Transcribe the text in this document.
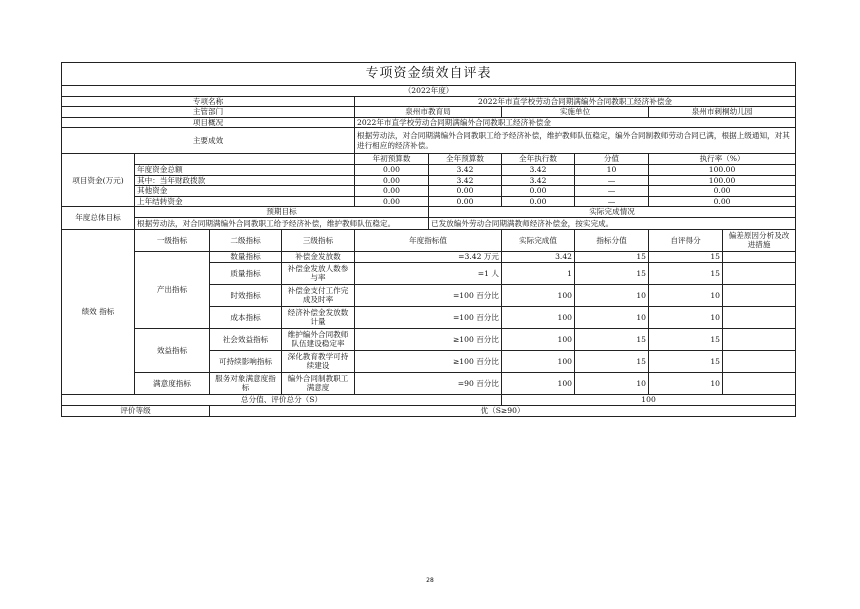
专项资金绩效自评表										
（2022年度）										
专项名称				2022年市直学校劳动合同期满编外合同教职工经济补偿金						
主管部门				泉州市教育局		实施单位		泉州市刺桐幼儿园		
项目概况				2022年市直学校劳动合同期满编外合同教职工经济补偿金						
主要成效				根据劳动法，对合同期满编外合同教职工给予经济补偿，维护教师队伍稳定，编外合同制教师劳动合同已满，根据上级通知，对其进行相应的经济补偿。						
项目资金(万元)				年初预算数	全年预算数	全年执行数	分值	执行率（%）	
	年度资金总额			0.00	3.42	3.42	10	100.00	
	其中：当年财政拨款			0.00	3.42	3.42	—	100.00		
	其他资金			0.00	0.00	0.00	—	0.00		
	上年结转资金			0.00	0.00	0.00	—	0.00		
年度总体目标	预期目标				实际完成情况					
	根据劳动法，对合同期满编外合同教职工给予经济补偿，维护教师队伍稳定。				已发放编外劳动合同期满教师经济补偿金，按实完成。					
绩效 指标	一级指标	二级指标	三级指标	年度指标值		实际完成值	指标分值	自评得分	偏差原因分析及改进措施	
	产出指标	数量指标	补偿金发放数	=3.42 万元		3.42	15	15		
		质量指标	补偿金发放人数参与率	=1 人		1	15	15		
		时效指标	补偿金支付工作完成及时率	=100 百分比		100	10	10		
		成本指标	经济补偿金发放数计量	=100 百分比		100	10	10		
	效益指标	社会效益指标	维护编外合同教师队伍建设稳定率	≥100 百分比		100	15	15		
		可持续影响指标	深化教育教学可持续建设	≥100 百分比		100	15	15		
	满意度指标	服务对象满意度指标	编外合同制教职工满意度	=90 百分比		100	10	10		
总分值、评价总分（S）						100				
评价等级		优（S≥90）								
28
